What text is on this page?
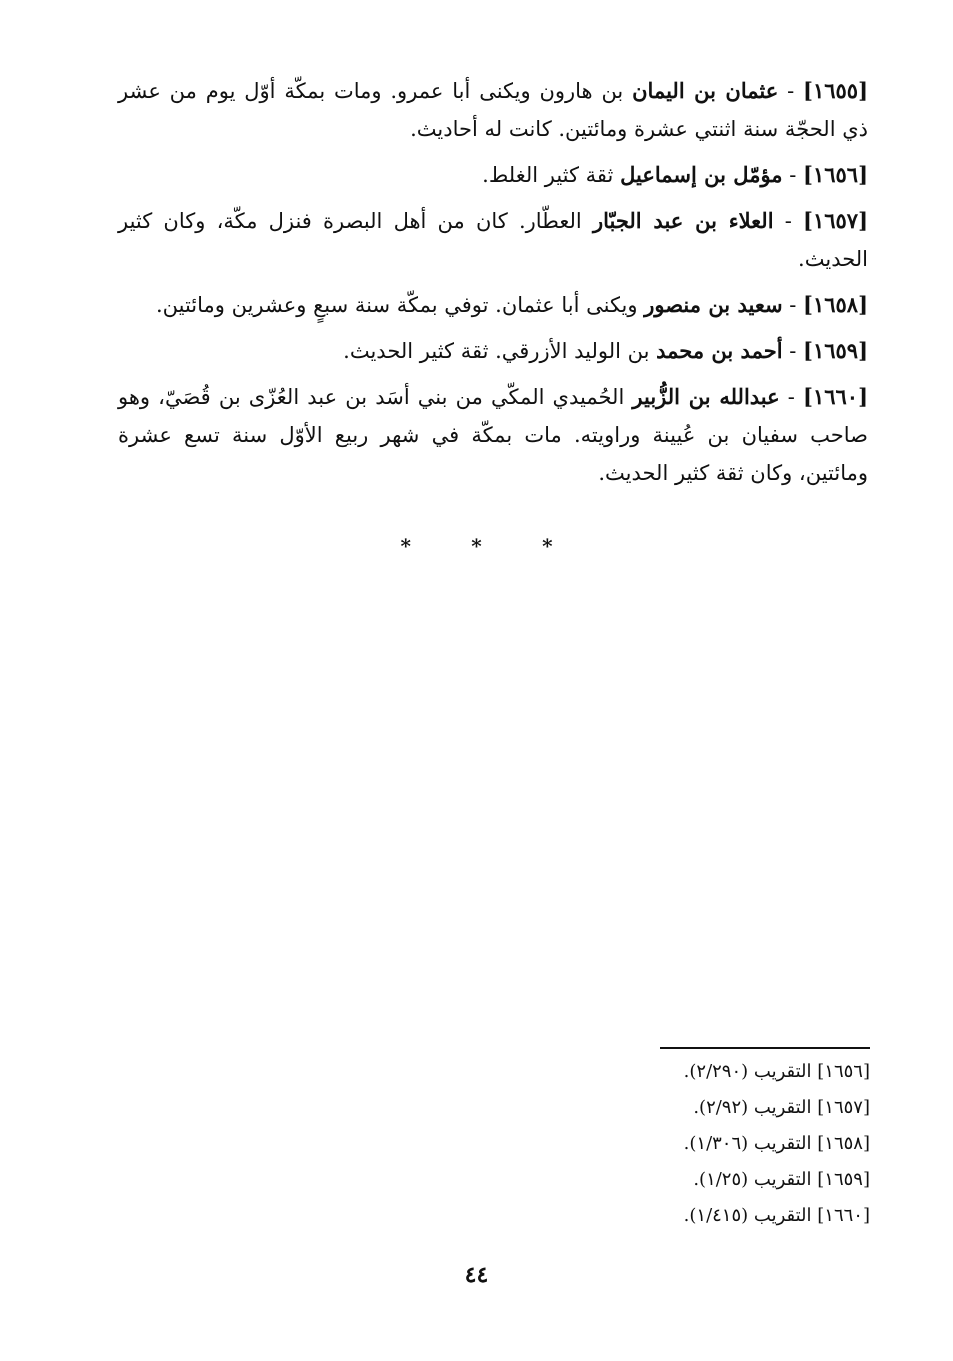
[١٦٥٥] - عثمان بن اليمان بن هارون ويكنى أبا عمرو. ومات بمكّة أوّل يوم من عشر ذي الحجّة سنة اثنتي عشرة ومائتين. كانت له أحاديث.

[١٦٥٦] - مؤمّل بن إسماعيل ثقة كثير الغلط.

[١٦٥٧] - العلاء بن عبد الجبّار العطّار. كان من أهل البصرة فنزل مكّة، وكان كثير الحديث.

[١٦٥٨] - سعيد بن منصور ويكنى أبا عثمان. توفي بمكّة سنة سبعٍ وعشرين ومائتين.

[١٦٥٩] - أحمد بن محمد بن الوليد الأزرقي. ثقة كثير الحديث.

[١٦٦٠] - عبدالله بن الزُّبير الحُميدي المكّي من بني أسَد بن عبد العُزّى بن قُصَيّ، وهو صاحب سفيان بن عُيينة وراويته. مات بمكّة في شهر ربيع الأوّل سنة تسع عشرة ومائتين، وكان ثقة كثير الحديث.

*	*	*
[١٦٥٦] التقريب (٢/٢٩٠).
[١٦٥٧] التقريب (٢/٩٢).
[١٦٥٨] التقريب (١/٣٠٦).
[١٦٥٩] التقريب (١/٢٥).
[١٦٦٠] التقريب (١/٤١٥).
٤٤
